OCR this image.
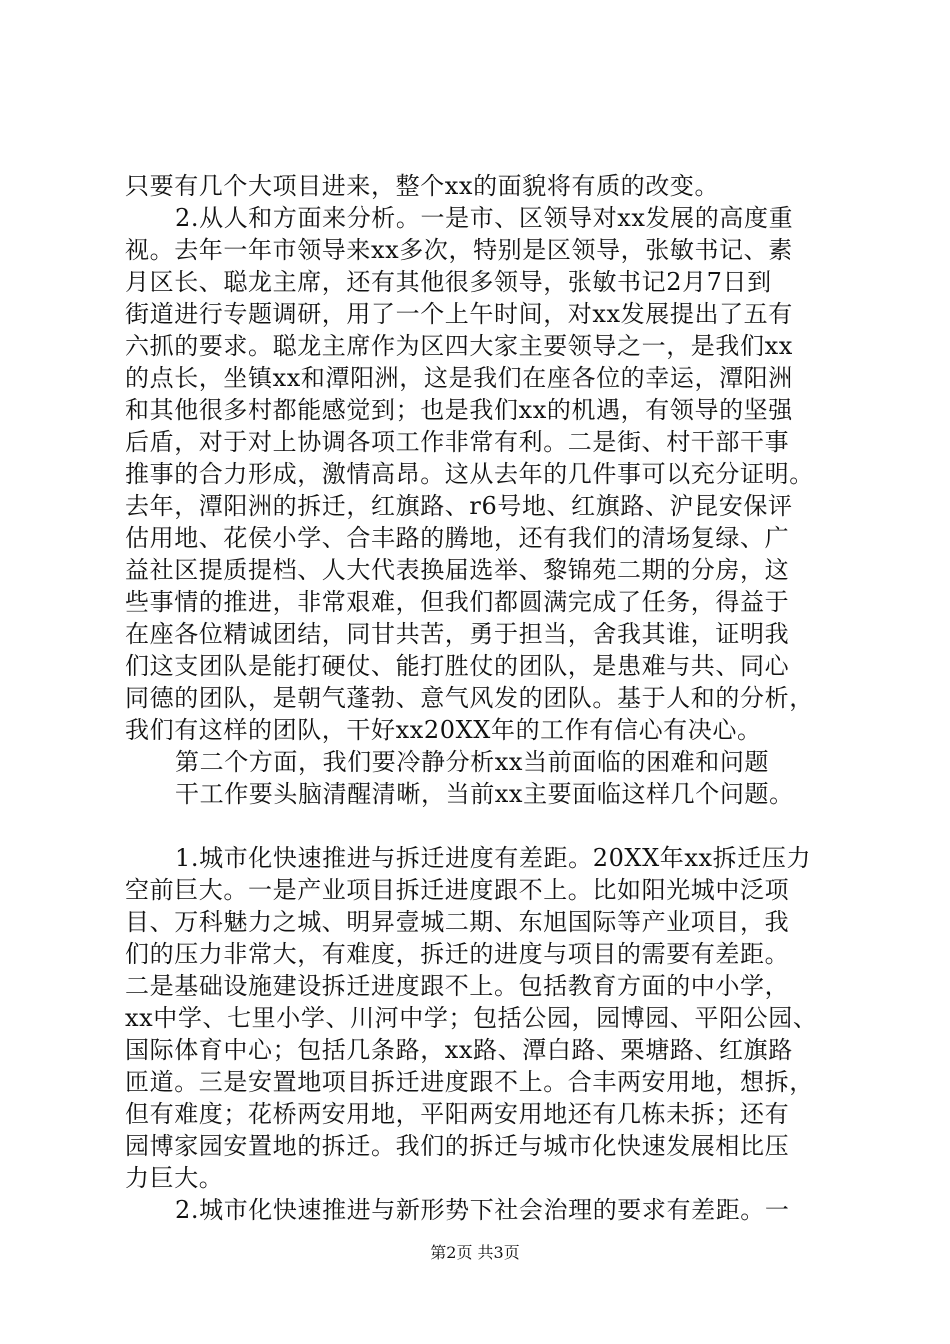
只要有几个大项目进来，整个xx的面貌将有质的改变。
2.从人和方面来分析。一是市、区领导对xx发展的高度重
视。去年一年市领导来xx多次，特别是区领导，张敏书记、素
月区长、聪龙主席，还有其他很多领导，张敏书记2月7日到
街道进行专题调研，用了一个上午时间，对xx发展提出了五有
六抓的要求。聪龙主席作为区四大家主要领导之一，是我们xx
的点长，坐镇xx和潭阳洲，这是我们在座各位的幸运，潭阳洲
和其他很多村都能感觉到；也是我们xx的机遇，有领导的坚强
后盾，对于对上协调各项工作非常有利。二是街、村干部干事
推事的合力形成，激情高昂。这从去年的几件事可以充分证明。
去年，潭阳洲的拆迁，红旗路、r6号地、红旗路、沪昆安保评
估用地、花侯小学、合丰路的腾地，还有我们的清场复绿、广
益社区提质提档、人大代表换届选举、黎锦苑二期的分房，这
些事情的推进，非常艰难，但我们都圆满完成了任务，得益于
在座各位精诚团结，同甘共苦，勇于担当，舍我其谁，证明我
们这支团队是能打硬仗、能打胜仗的团队，是患难与共、同心
同德的团队，是朝气蓬勃、意气风发的团队。基于人和的分析，
我们有这样的团队，干好xx20XX年的工作有信心有决心。
第二个方面，我们要冷静分析xx当前面临的困难和问题
干工作要头脑清醒清晰，当前xx主要面临这样几个问题。
1.城市化快速推进与拆迁进度有差距。20XX年xx拆迁压力
空前巨大。一是产业项目拆迁进度跟不上。比如阳光城中泛项
目、万科魅力之城、明昇壹城二期、东旭国际等产业项目，我
们的压力非常大，有难度，拆迁的进度与项目的需要有差距。
二是基础设施建设拆迁进度跟不上。包括教育方面的中小学，
xx中学、七里小学、川河中学；包括公园，园博园、平阳公园、
国际体育中心；包括几条路，xx路、潭白路、栗塘路、红旗路
匝道。三是安置地项目拆迁进度跟不上。合丰两安用地，想拆，
但有难度；花桥两安用地，平阳两安用地还有几栋未拆；还有
园博家园安置地的拆迁。我们的拆迁与城市化快速发展相比压
力巨大。
2.城市化快速推进与新形势下社会治理的要求有差距。一
第2页 共3页
